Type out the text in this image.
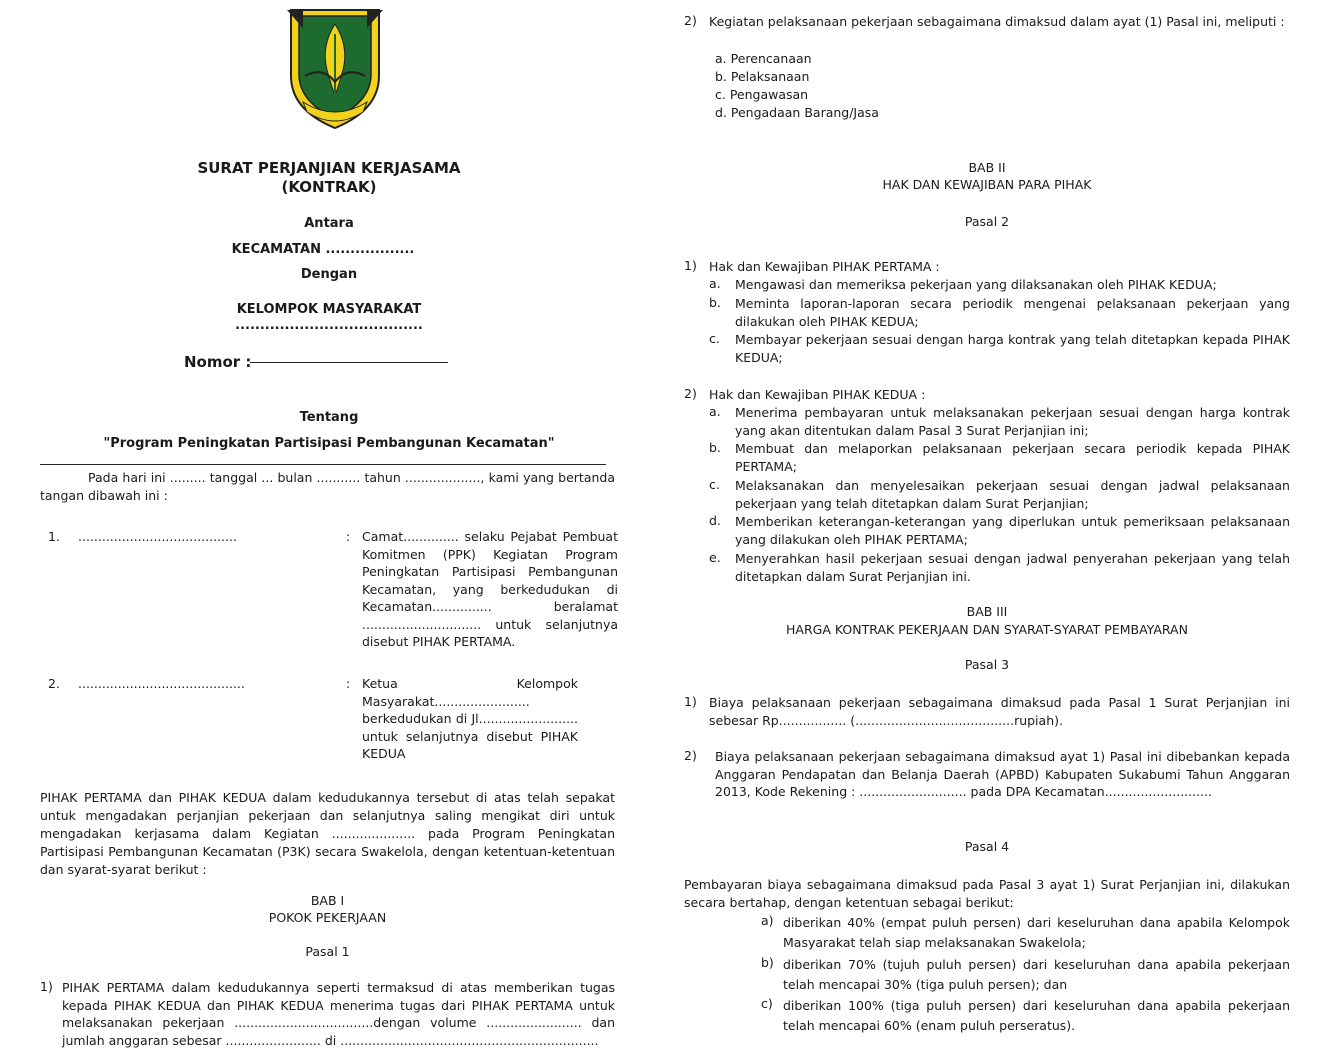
SURAT PERJANJIAN KERJASAMA
(KONTRAK)
Antara
KECAMATAN ..................
Dengan
KELOMPOK MASYARAKAT
......................................
Nomor :
Tentang
"Program Peningkatan Partisipasi Pembangunan Kecamatan"
Pada hari ini ......... tanggal ... bulan ........... tahun ..................., kami yang bertanda tangan dibawah ini :
1. ........................................	: Camat.............. selaku Pejabat Pembuat Komitmen (PPK) Kegiatan Program Peningkatan Partisipasi Pembangunan Kecamatan, yang berkedudukan di Kecamatan............... beralamat .............................. untuk selanjutnya disebut PIHAK PERTAMA.
2. ..........................................	: Ketua Kelompok Masyarakat........................ berkedudukan di Jl......................... untuk selanjutnya disebut PIHAK KEDUA
PIHAK PERTAMA dan PIHAK KEDUA dalam kedudukannya tersebut di atas telah sepakat untuk mengadakan perjanjian pekerjaan dan selanjutnya saling mengikat diri untuk mengadakan kerjasama dalam Kegiatan ..................... pada Program Peningkatan Partisipasi Pembangunan Kecamatan (P3K) secara Swakelola, dengan ketentuan-ketentuan dan syarat-syarat berikut :
BAB I
POKOK PEKERJAAN
Pasal 1
1) PIHAK PERTAMA dalam kedudukannya seperti termaksud di atas memberikan tugas kepada PIHAK KEDUA dan PIHAK KEDUA menerima tugas dari PIHAK PERTAMA untuk melaksanakan pekerjaan ...................................dengan volume ........................ dan jumlah anggaran sebesar ........................ di .................................................................
2) Kegiatan pelaksanaan pekerjaan sebagaimana dimaksud dalam ayat (1) Pasal ini, meliputi :
a. Perencanaan
b. Pelaksanaan
c. Pengawasan
d. Pengadaan Barang/Jasa
BAB II
HAK DAN KEWAJIBAN PARA PIHAK
Pasal 2
1) Hak dan Kewajiban PIHAK PERTAMA :
a. Mengawasi dan memeriksa pekerjaan yang dilaksanakan oleh PIHAK KEDUA;
b. Meminta laporan-laporan secara periodik mengenai pelaksanaan pekerjaan yang dilakukan oleh PIHAK KEDUA;
c. Membayar pekerjaan sesuai dengan harga kontrak yang telah ditetapkan kepada PIHAK KEDUA;
2) Hak dan Kewajiban PIHAK KEDUA :
a. Menerima pembayaran untuk melaksanakan pekerjaan sesuai dengan harga kontrak yang akan ditentukan dalam Pasal 3 Surat Perjanjian ini;
b. Membuat dan melaporkan pelaksanaan pekerjaan secara periodik kepada PIHAK PERTAMA;
c. Melaksanakan dan menyelesaikan pekerjaan sesuai dengan jadwal pelaksanaan pekerjaan yang telah ditetapkan dalam Surat Perjanjian;
d. Memberikan keterangan-keterangan yang diperlukan untuk pemeriksaan pelaksanaan yang dilakukan oleh PIHAK PERTAMA;
e. Menyerahkan hasil pekerjaan sesuai dengan jadwal penyerahan pekerjaan yang telah ditetapkan dalam Surat Perjanjian ini.
BAB III
HARGA KONTRAK PEKERJAAN DAN SYARAT-SYARAT PEMBAYARAN
Pasal 3
1) Biaya pelaksanaan pekerjaan sebagaimana dimaksud pada Pasal 1 Surat Perjanjian ini sebesar Rp................. (........................................rupiah).
2) Biaya pelaksanaan pekerjaan sebagaimana dimaksud ayat 1) Pasal ini dibebankan kepada Anggaran Pendapatan dan Belanja Daerah (APBD) Kabupaten Sukabumi Tahun Anggaran 2013, Kode Rekening : ........................... pada DPA Kecamatan...........................
Pasal 4
Pembayaran biaya sebagaimana dimaksud pada Pasal 3 ayat 1) Surat Perjanjian ini, dilakukan secara bertahap, dengan ketentuan sebagai berikut:
a) diberikan 40% (empat puluh persen) dari keseluruhan dana apabila Kelompok Masyarakat telah siap melaksanakan Swakelola;
b) diberikan 70% (tujuh puluh persen) dari keseluruhan dana apabila pekerjaan telah mencapai 30% (tiga puluh persen); dan
c) diberikan 100% (tiga puluh persen) dari keseluruhan dana apabila pekerjaan telah mencapai 60% (enam puluh perseratus).
